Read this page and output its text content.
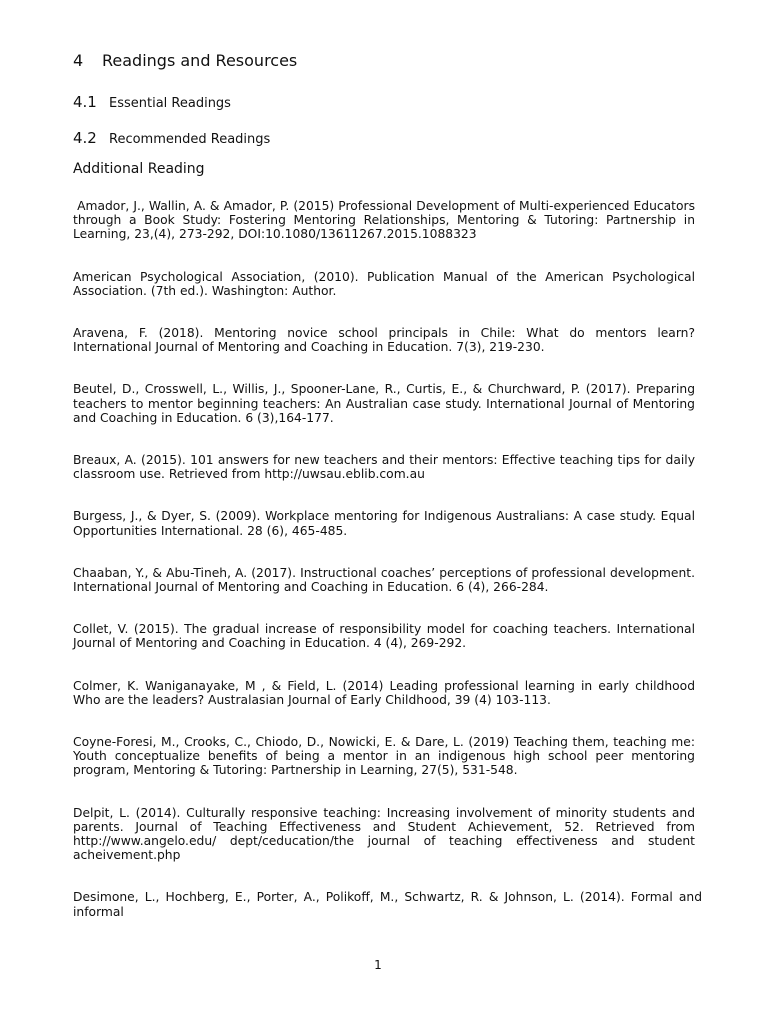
4 Readings and Resources
4.1 Essential Readings
4.2 Recommended Readings
Additional Reading

Amador, J., Wallin, A. & Amador, P. (2015) Professional Development of Multi-experienced Educators through a Book Study: Fostering Mentoring Relationships, Mentoring & Tutoring: Partnership in Learning, 23,(4), 273-292, DOI:10.1080/13611267.2015.1088323

American Psychological Association, (2010). Publication Manual of the American Psychological Association. (7th ed.). Washington: Author.

Aravena, F. (2018). Mentoring novice school principals in Chile: What do mentors learn? International Journal of Mentoring and Coaching in Education. 7(3), 219-230.

Beutel, D., Crosswell, L., Willis, J., Spooner-Lane, R., Curtis, E., & Churchward, P. (2017). Preparing teachers to mentor beginning teachers: An Australian case study. International Journal of Mentoring and Coaching in Education. 6 (3),164-177.

Breaux, A. (2015). 101 answers for new teachers and their mentors: Effective teaching tips for daily classroom use. Retrieved from http://uwsau.eblib.com.au

Burgess, J., & Dyer, S. (2009). Workplace mentoring for Indigenous Australians: A case study. Equal Opportunities International. 28 (6), 465-485.

Chaaban, Y., & Abu-Tineh, A. (2017). Instructional coaches’ perceptions of professional development. International Journal of Mentoring and Coaching in Education. 6 (4), 266-284.

Collet, V. (2015). The gradual increase of responsibility model for coaching teachers. International Journal of Mentoring and Coaching in Education. 4 (4), 269-292.

Colmer, K. Waniganayake, M , & Field, L. (2014) Leading professional learning in early childhood Who are the leaders? Australasian Journal of Early Childhood, 39 (4) 103-113.

Coyne-Foresi, M., Crooks, C., Chiodo, D., Nowicki, E. & Dare, L. (2019) Teaching them, teaching me: Youth conceptualize benefits of being a mentor in an indigenous high school peer mentoring program, Mentoring & Tutoring: Partnership in Learning, 27(5), 531-548.

Delpit, L. (2014). Culturally responsive teaching: Increasing involvement of minority students and parents. Journal of Teaching Effectiveness and Student Achievement, 52. Retrieved from http://www.angelo.edu/ dept/ceducation/the journal of teaching effectiveness and student acheivement.php

Desimone, L., Hochberg, E., Porter, A., Polikoff, M., Schwartz, R. & Johnson, L. (2014). Formal and informal

1
